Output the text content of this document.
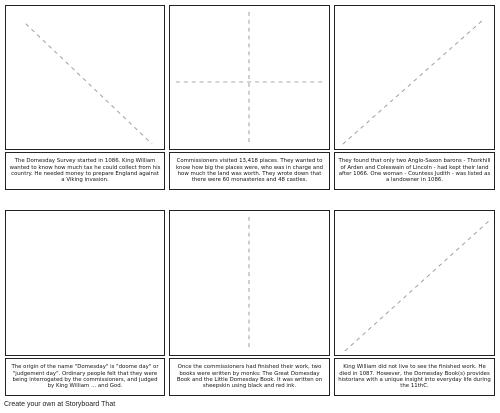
The Domesday Survey started in 1086. King William wanted to know how much tax he could collect from his country. He needed money to prepare England against a Viking invasion.
Commissioners visited 13,418 places. They wanted to know how big the places were, who was in charge and how much the land was worth. They wrote down that there were 60 monasteries and 48 castles.
They found that only two Anglo-Saxon barons - Thorkhill of Arden and Coleswain of Lincoln - had kept their land after 1066. One woman - Countess Judith - was listed as a landowner in 1086.
The origin of the name "Domesday" is "doome day" or "judgement day". Ordinary people felt that they were being interrogated by the commissioners, and judged by King William ... and God.
Once the commissioners had finished their work, two books were written by monks: The Great Domesday Book and the Little Domesday Book. It was written on sheepskin using black and red ink.
King William did not live to see the finished work. He died in 1087. However, the Domesday Book(s) provides historians with a unique insight into everyday life during the 11thC.
Create your own at Storyboard That
